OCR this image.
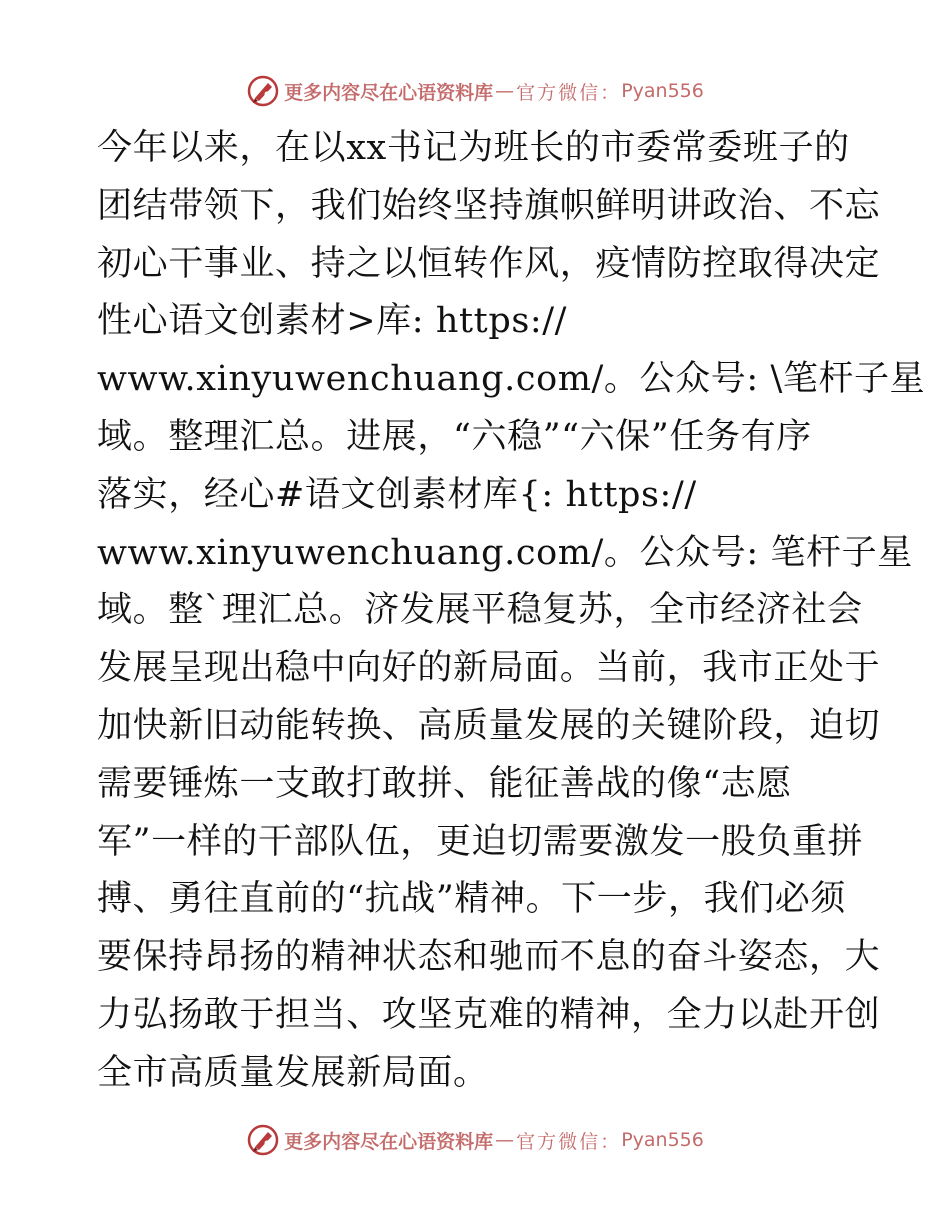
更多内容尽在心语资料库 — 官方微信： Pyan556
今年以来，在以xx书记为班长的市委常委班子的
团结带领下，我们始终坚持旗帜鲜明讲政治、不忘
初心干事业、持之以恒转作风，疫情防控取得决定
性心语文创素材>库: https://
www.xinyuwenchuang.com/。公众号: \笔杆子星
域。整理汇总。进展，“六稳”“六保”任务有序
落实，经心#语文创素材库{: https://
www.xinyuwenchuang.com/。公众号: 笔杆子星
域。整`理汇总。济发展平稳复苏，全市经济社会
发展呈现出稳中向好的新局面。当前，我市正处于
加快新旧动能转换、高质量发展的关键阶段，迫切
需要锤炼一支敢打敢拼、能征善战的像“志愿
军”一样的干部队伍，更迫切需要激发一股负重拼
搏、勇往直前的“抗战”精神。下一步，我们必须
要保持昂扬的精神状态和驰而不息的奋斗姿态，大
力弘扬敢于担当、攻坚克难的精神，全力以赴开创
全市高质量发展新局面。
更多内容尽在心语资料库 — 官方微信： Pyan556
